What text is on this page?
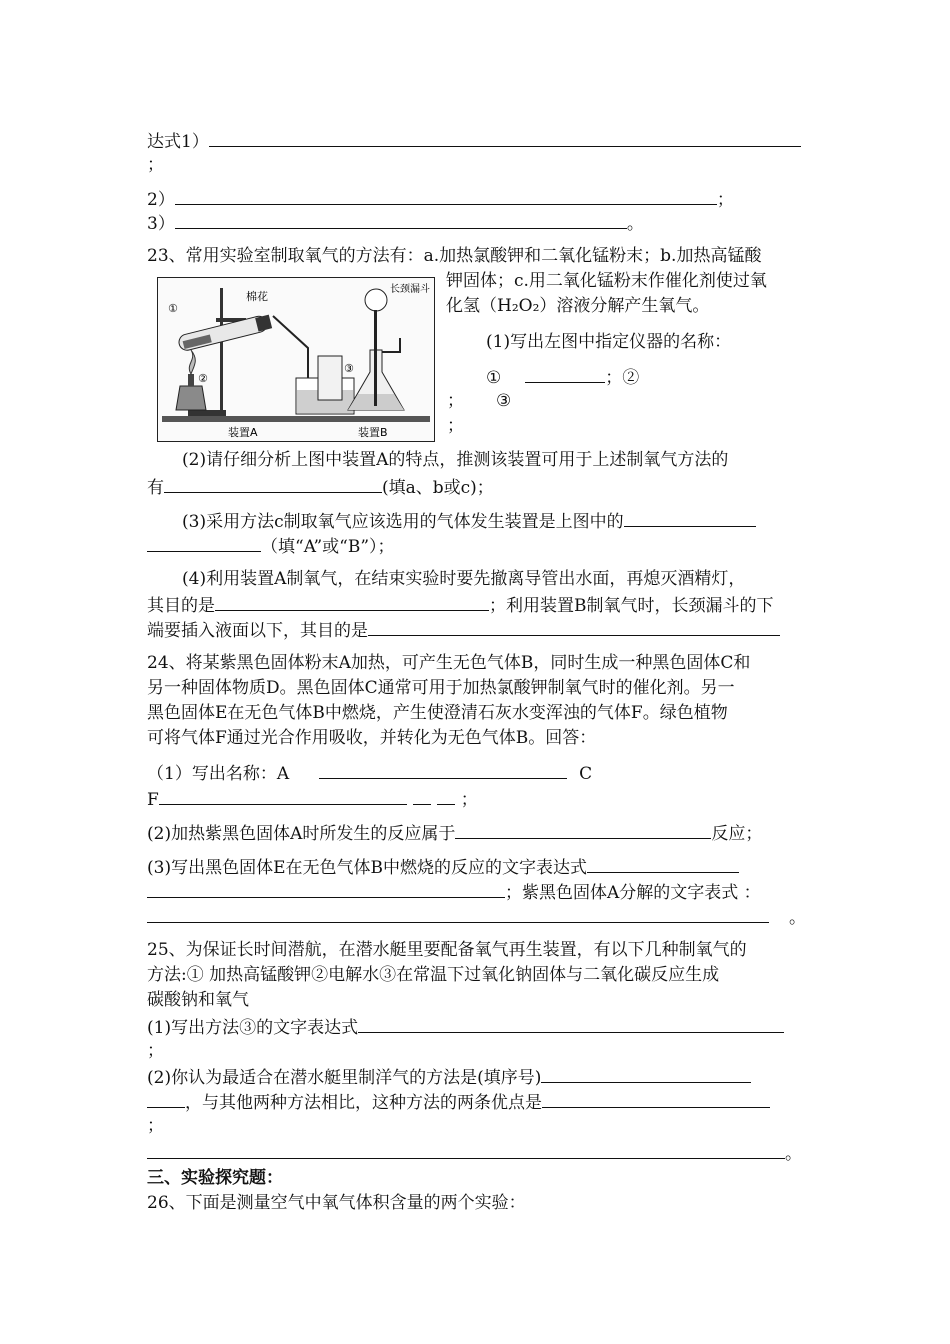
达式1）
；
2）	；
3）	。
23、常用实验室制取氧气的方法有：a.加热氯酸钾和二氧化锰粉末；b.加热高锰酸
钾固体；c.用二氧化锰粉末作催化剂使过氧
化氢（H₂O₂）溶液分解产生氧气。
①
②
③
棉花
长颈漏斗
装置A	装置B
(1)写出左图中指定仪器的名称：
①	；②
； ③
；
(2)请仔细分析上图中装置A的特点，推测该装置可用于上述制氧气方法的
有	(填a、b或c)；
(3)采用方法c制取氧气应该选用的气体发生装置是上图中的
（填“A”或“B”）；
(4)利用装置A制氧气，在结束实验时要先撤离导管出水面，再熄灭酒精灯，
其目的是	；利用装置B制氧气时，长颈漏斗的下
端要插入液面以下，其目的是
24、将某紫黑色固体粉末A加热，可产生无色气体B，同时生成一种黑色固体C和
另一种固体物质D。黑色固体C通常可用于加热氯酸钾制氧气时的催化剂。另一
黑色固体E在无色气体B中燃烧，产生使澄清石灰水变浑浊的气体F。绿色植物
可将气体F通过光合作用吸收，并转化为无色气体B。回答：
（1）写出名称：A	C
F	；
(2)加热紫黑色固体A时所发生的反应属于	反应；
(3)写出黑色固体E在无色气体B中燃烧的反应的文字表达式
；紫黑色固体A分解的文字表式 ：
。
25、为保证长时间潜航，在潜水艇里要配备氧气再生装置，有以下几种制氧气的
方法:① 加热高锰酸钾②电解水③在常温下过氧化钠固体与二氧化碳反应生成
碳酸钠和氧气
(1)写出方法③的文字表达式
；
(2)你认为最适合在潜水艇里制洋气的方法是(填序号)
，与其他两种方法相比，这种方法的两条优点是
；
。
三、实验探究题：
26、下面是测量空气中氧气体积含量的两个实验：
